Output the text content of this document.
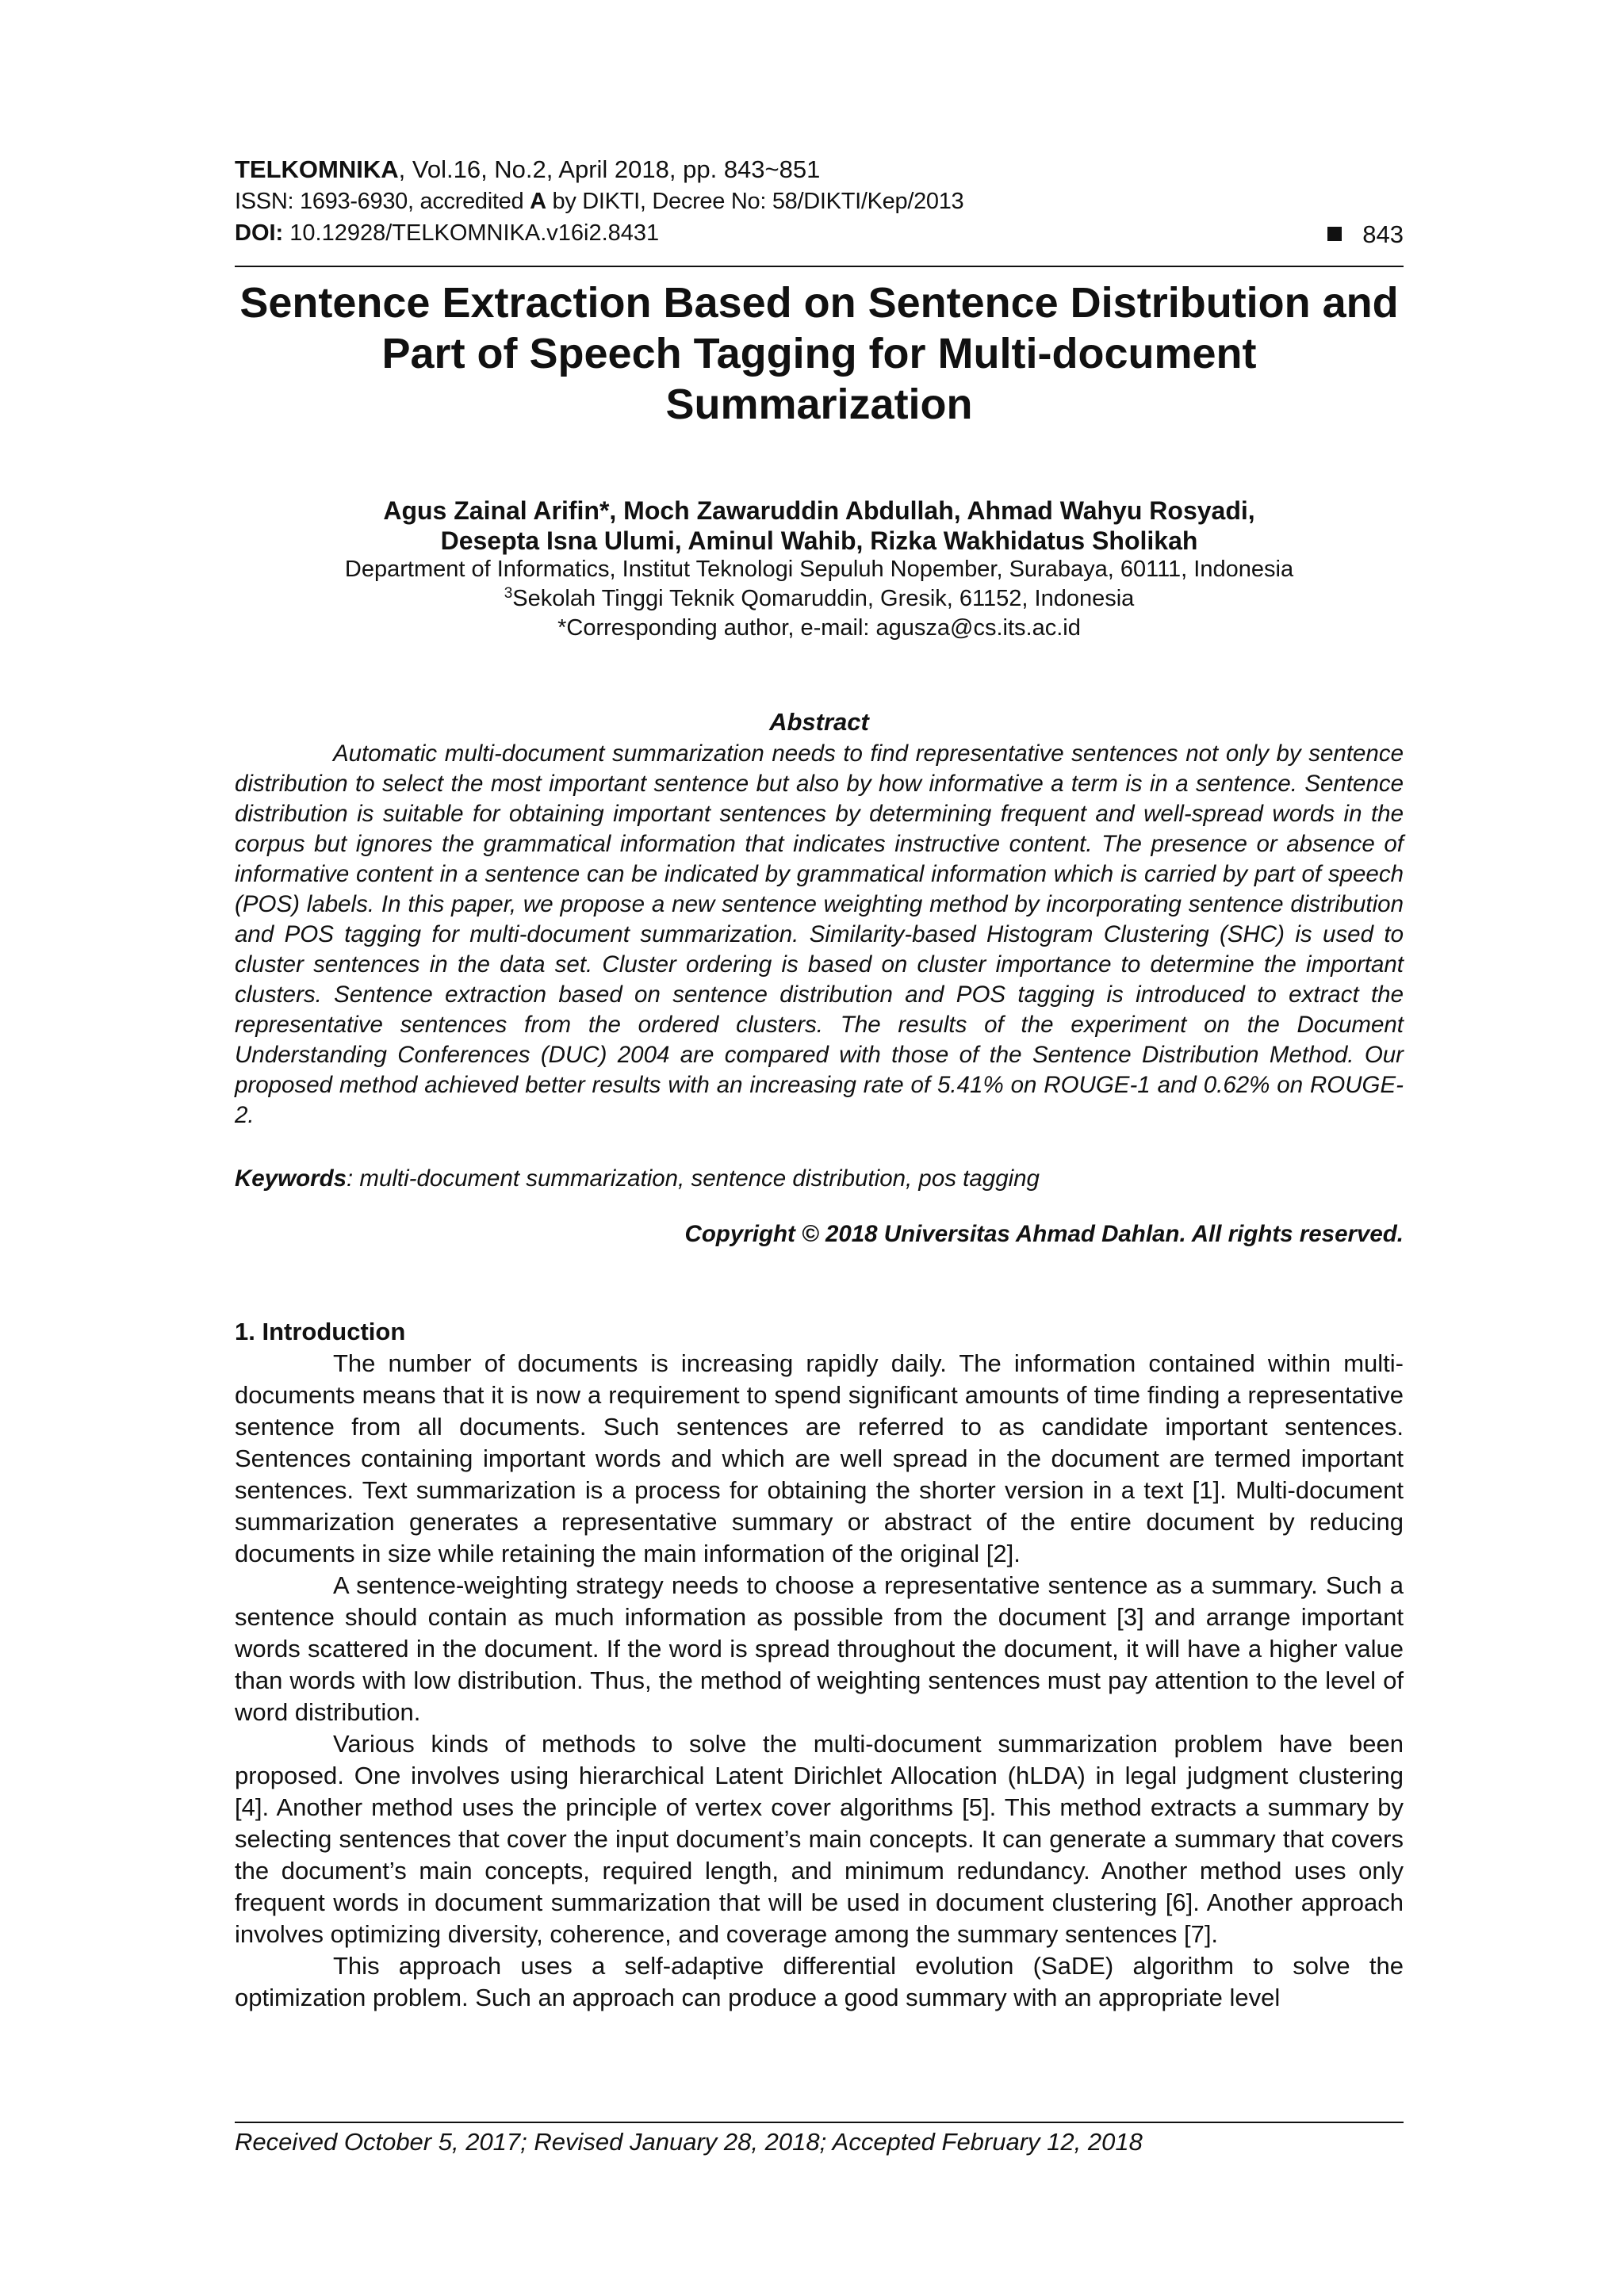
TELKOMNIKA, Vol.16, No.2, April 2018, pp. 843~851
ISSN: 1693-6930, accredited A by DIKTI, Decree No: 58/DIKTI/Kep/2013
DOI: 10.12928/TELKOMNIKA.v16i2.8431	843
Sentence Extraction Based on Sentence Distribution and Part of Speech Tagging for Multi-document Summarization
Agus Zainal Arifin*, Moch Zawaruddin Abdullah, Ahmad Wahyu Rosyadi,
Desepta Isna Ulumi, Aminul Wahib, Rizka Wakhidatus Sholikah
Department of Informatics, Institut Teknologi Sepuluh Nopember, Surabaya, 60111, Indonesia
$^3$Sekolah Tinggi Teknik Qomaruddin, Gresik, 61152, Indonesia
*Corresponding author, e-mail: agusza@cs.its.ac.id
Abstract
Automatic multi-document summarization needs to find representative sentences not only by sentence distribution to select the most important sentence but also by how informative a term is in a sentence. Sentence distribution is suitable for obtaining important sentences by determining frequent and well-spread words in the corpus but ignores the grammatical information that indicates instructive content. The presence or absence of informative content in a sentence can be indicated by grammatical information which is carried by part of speech (POS) labels. In this paper, we propose a new sentence weighting method by incorporating sentence distribution and POS tagging for multi-document summarization. Similarity-based Histogram Clustering (SHC) is used to cluster sentences in the data set. Cluster ordering is based on cluster importance to determine the important clusters. Sentence extraction based on sentence distribution and POS tagging is introduced to extract the representative sentences from the ordered clusters. The results of the experiment on the Document Understanding Conferences (DUC) 2004 are compared with those of the Sentence Distribution Method. Our proposed method achieved better results with an increasing rate of 5.41% on ROUGE-1 and 0.62% on ROUGE-2.
Keywords: multi-document summarization, sentence distribution, pos tagging
Copyright © 2018 Universitas Ahmad Dahlan. All rights reserved.
1. Introduction

The number of documents is increasing rapidly daily. The information contained within multi-documents means that it is now a requirement to spend significant amounts of time finding a representative sentence from all documents. Such sentences are referred to as candidate important sentences. Sentences containing important words and which are well spread in the document are termed important sentences. Text summarization is a process for obtaining the shorter version in a text [1]. Multi-document summarization generates a representative summary or abstract of the entire document by reducing documents in size while retaining the main information of the original [2].

A sentence-weighting strategy needs to choose a representative sentence as a summary. Such a sentence should contain as much information as possible from the document [3] and arrange important words scattered in the document. If the word is spread throughout the document, it will have a higher value than words with low distribution. Thus, the method of weighting sentences must pay attention to the level of word distribution.

Various kinds of methods to solve the multi-document summarization problem have been proposed. One involves using hierarchical Latent Dirichlet Allocation (hLDA) in legal judgment clustering [4]. Another method uses the principle of vertex cover algorithms [5]. This method extracts a summary by selecting sentences that cover the input document’s main concepts. It can generate a summary that covers the document’s main concepts, required length, and minimum redundancy. Another method uses only frequent words in document summarization that will be used in document clustering [6]. Another approach involves optimizing diversity, coherence, and coverage among the summary sentences [7].

This approach uses a self-adaptive differential evolution (SaDE) algorithm to solve the optimization problem. Such an approach can produce a good summary with an appropriate level

Received October 5, 2017; Revised January 28, 2018; Accepted February 12, 2018
